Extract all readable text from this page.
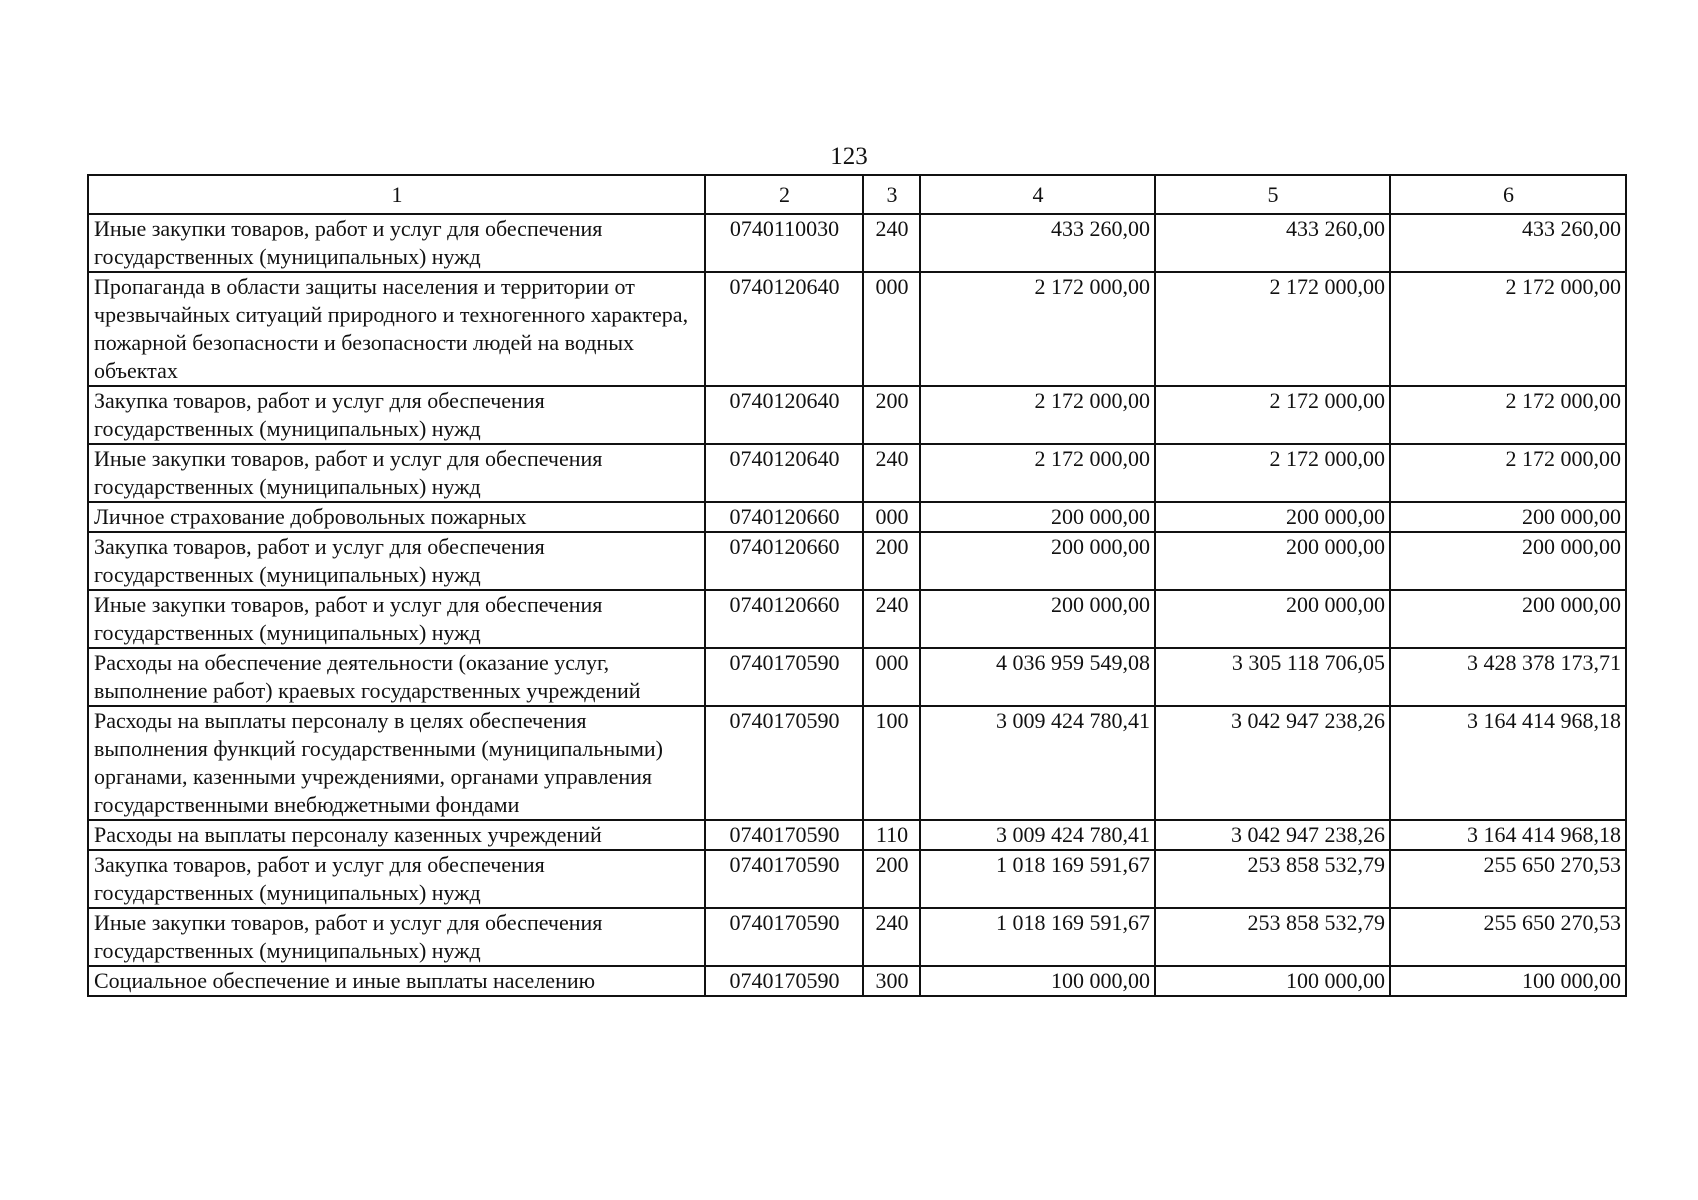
123
1	2	3	4	5	6
Иные закупки товаров, работ и услуг для обеспечения государственных (муниципальных) нужд	0740110030	240	433 260,00	433 260,00	433 260,00
Пропаганда в области защиты населения и территории от чрезвычайных ситуаций природного и техногенного характера, пожарной безопасности и безопасности людей на водных объектах	0740120640	000	2 172 000,00	2 172 000,00	2 172 000,00
Закупка товаров, работ и услуг для обеспечения государственных (муниципальных) нужд	0740120640	200	2 172 000,00	2 172 000,00	2 172 000,00
Иные закупки товаров, работ и услуг для обеспечения государственных (муниципальных) нужд	0740120640	240	2 172 000,00	2 172 000,00	2 172 000,00
Личное страхование добровольных пожарных	0740120660	000	200 000,00	200 000,00	200 000,00
Закупка товаров, работ и услуг для обеспечения государственных (муниципальных) нужд	0740120660	200	200 000,00	200 000,00	200 000,00
Иные закупки товаров, работ и услуг для обеспечения государственных (муниципальных) нужд	0740120660	240	200 000,00	200 000,00	200 000,00
Расходы на обеспечение деятельности (оказание услуг, выполнение работ) краевых государственных учреждений	0740170590	000	4 036 959 549,08	3 305 118 706,05	3 428 378 173,71
Расходы на выплаты персоналу в целях обеспечения выполнения функций государственными (муниципальными) органами, казенными учреждениями, органами управления государственными внебюджетными фондами	0740170590	100	3 009 424 780,41	3 042 947 238,26	3 164 414 968,18
Расходы на выплаты персоналу казенных учреждений	0740170590	110	3 009 424 780,41	3 042 947 238,26	3 164 414 968,18
Закупка товаров, работ и услуг для обеспечения государственных (муниципальных) нужд	0740170590	200	1 018 169 591,67	253 858 532,79	255 650 270,53
Иные закупки товаров, работ и услуг для обеспечения государственных (муниципальных) нужд	0740170590	240	1 018 169 591,67	253 858 532,79	255 650 270,53
Социальное обеспечение и иные выплаты населению	0740170590	300	100 000,00	100 000,00	100 000,00
